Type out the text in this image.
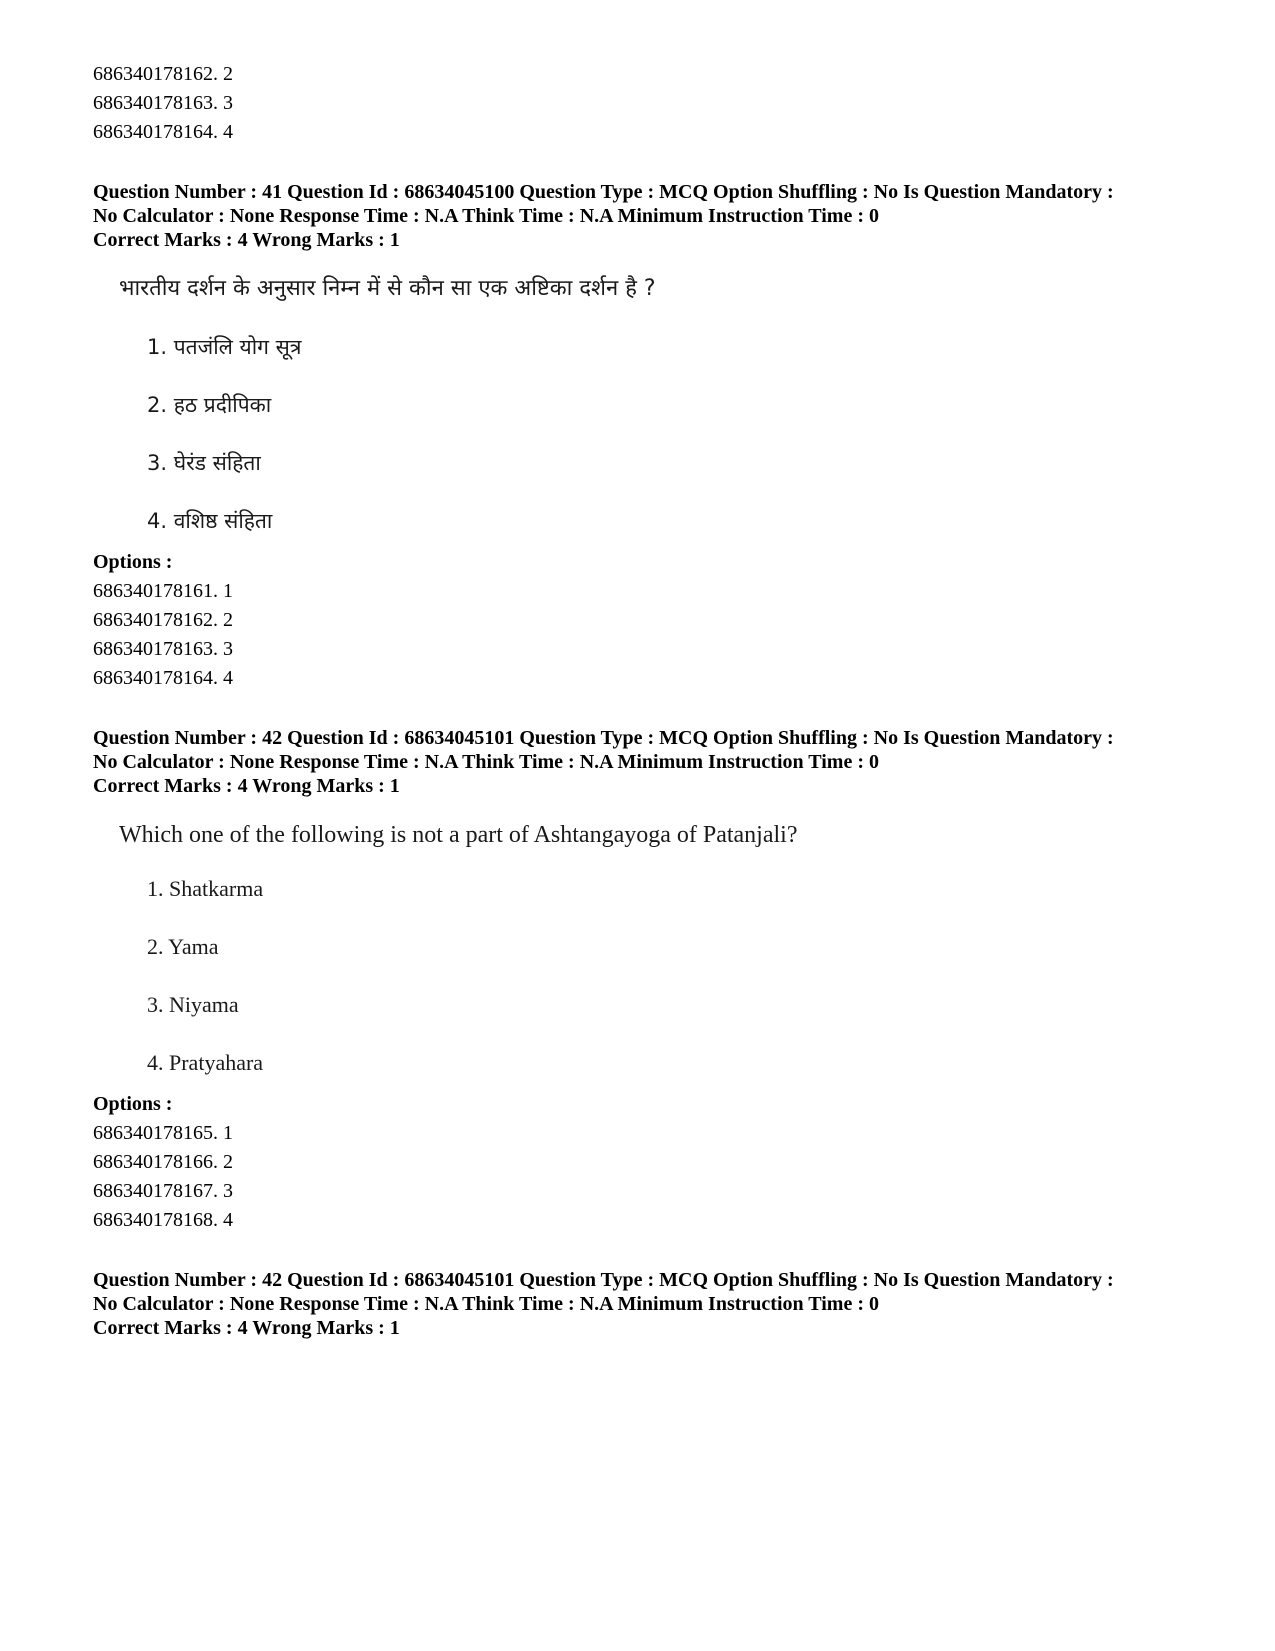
686340178162. 2
686340178163. 3
686340178164. 4
Question Number : 41 Question Id : 68634045100 Question Type : MCQ Option Shuffling : No Is Question Mandatory :
No Calculator : None Response Time : N.A Think Time : N.A Minimum Instruction Time : 0
Correct Marks : 4 Wrong Marks : 1
भारतीय दर्शन के अनुसार निम्न में से कौन सा एक अष्टिका दर्शन है ?
1. पतजंलि योग सूत्र
2. हठ प्रदीपिका
3. घेरंड संहिता
4. वशिष्ठ संहिता
Options :
686340178161. 1
686340178162. 2
686340178163. 3
686340178164. 4
Question Number : 42 Question Id : 68634045101 Question Type : MCQ Option Shuffling : No Is Question Mandatory :
No Calculator : None Response Time : N.A Think Time : N.A Minimum Instruction Time : 0
Correct Marks : 4 Wrong Marks : 1
Which one of the following is not a part of Ashtangayoga of Patanjali?
1. Shatkarma
2. Yama
3. Niyama
4. Pratyahara
Options :
686340178165. 1
686340178166. 2
686340178167. 3
686340178168. 4
Question Number : 42 Question Id : 68634045101 Question Type : MCQ Option Shuffling : No Is Question Mandatory :
No Calculator : None Response Time : N.A Think Time : N.A Minimum Instruction Time : 0
Correct Marks : 4 Wrong Marks : 1
